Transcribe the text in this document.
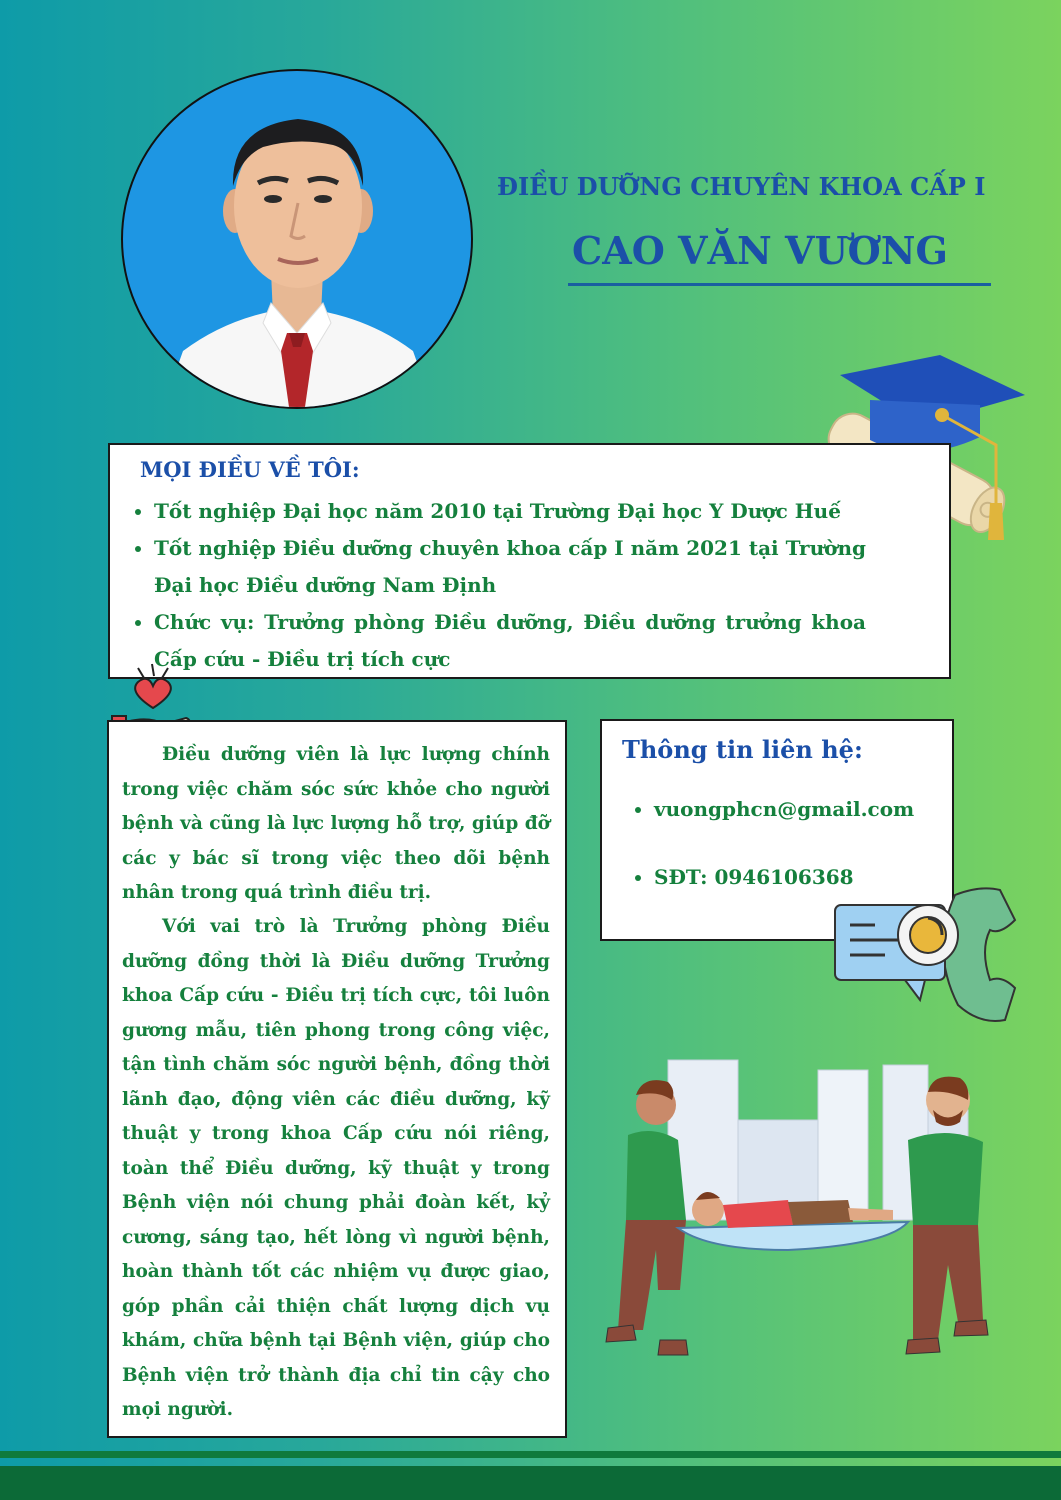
ĐIỀU DƯỠNG CHUYÊN KHOA CẤP I
CAO VĂN VƯƠNG
MỌI ĐIỀU VỀ TÔI:
• Tốt nghiệp Đại học năm 2010 tại Trường Đại học Y Dược Huế
• Tốt nghiệp Điều dưỡng chuyên khoa cấp I năm 2021 tại Trường Đại học Điều dưỡng Nam Định
• Chức vụ: Trưởng phòng Điều dưỡng, Điều dưỡng trưởng khoa Cấp cứu - Điều trị tích cực

Điều dưỡng viên là lực lượng chính trong việc chăm sóc sức khỏe cho người bệnh và cũng là lực lượng hỗ trợ, giúp đỡ các y bác sĩ trong việc theo dõi bệnh nhân trong quá trình điều trị.

Với vai trò là Trưởng phòng Điều dưỡng đồng thời là Điều dưỡng Trưởng khoa Cấp cứu - Điều trị tích cực, tôi luôn gương mẫu, tiên phong trong công việc, tận tình chăm sóc người bệnh, đồng thời lãnh đạo, động viên các điều dưỡng, kỹ thuật y trong khoa Cấp cứu nói riêng, toàn thể Điều dưỡng, kỹ thuật y trong Bệnh viện nói chung phải đoàn kết, kỷ cương, sáng tạo, hết lòng vì người bệnh, hoàn thành tốt các nhiệm vụ được giao, góp phần cải thiện chất lượng dịch vụ khám, chữa bệnh tại Bệnh viện, giúp cho Bệnh viện trở thành địa chỉ tin cậy cho mọi người.

Thông tin liên hệ:
• vuongphcn@gmail.com
• SĐT: 0946106368
